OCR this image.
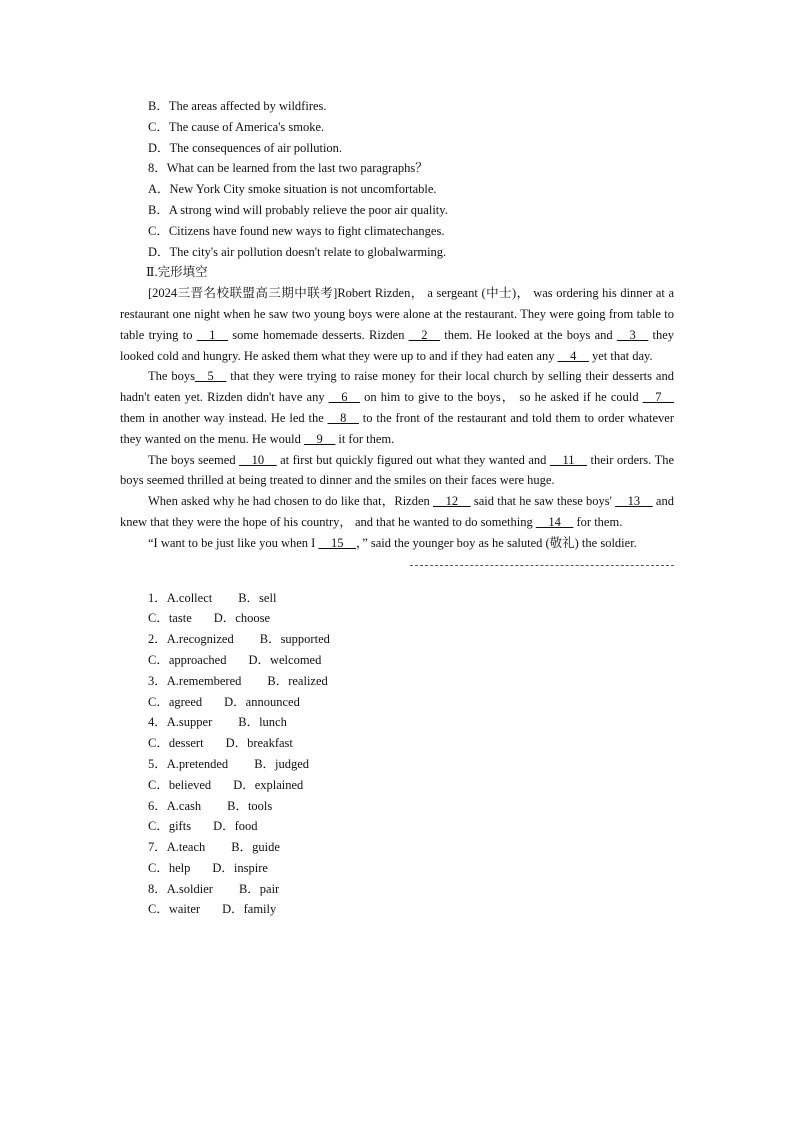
B．The areas affected by wildfires.
C．The cause of America's smoke.
D．The consequences of air pollution.
8．What can be learned from the last two paragraphs？
A．New York City smoke situation is not uncomfortable.
B．A strong wind will probably relieve the poor air quality.
C．Citizens have found new ways to fight climatechanges.
D．The city's air pollution doesn't relate to globalwarming.
Ⅱ.完形填空

[2024三晋名校联盟高三期中联考]Robert Rizden， a sergeant (中士)， was ordering his dinner at a restaurant one night when he saw two young boys were alone at the restaurant. They were going from table to table trying to __1__ some homemade desserts. Rizden __2__ them. He looked at the boys and __3__ they looked cold and hungry. He asked them what they were up to and if they had eaten any __4__ yet that day.

The boys__5__ that they were trying to raise money for their local church by selling their desserts and hadn't eaten yet. Rizden didn't have any __6__ on him to give to the boys， so he asked if he could __7__ them in another way instead. He led the __8__ to the front of the restaurant and told them to order whatever they wanted on the menu. He would __9__ it for them.

The boys seemed __10__ at first but quickly figured out what they wanted and __11__ their orders. The boys seemed thrilled at being treated to dinner and the smiles on their faces were huge.

When asked why he had chosen to do like that，Rizden __12__ said that he saw these boys' __13__ and knew that they were the hope of his country， and that he wanted to do something __14__ for them.

“I want to be just like you when I __15__，” said the younger boy as he saluted (敬礼) the soldier.

1．A.collect B．sell
C．taste D．choose
2．A.recognized B．supported
C．approached D．welcomed
3．A.remembered B．realized
C．agreed D．announced
4．A.supper B．lunch
C．dessert D．breakfast
5．A.pretended B．judged
C．believed D．explained
6．A.cash B．tools
C．gifts D．food
7．A.teach B．guide
C．help D．inspire
8．A.soldier B．pair
C．waiter D．family
